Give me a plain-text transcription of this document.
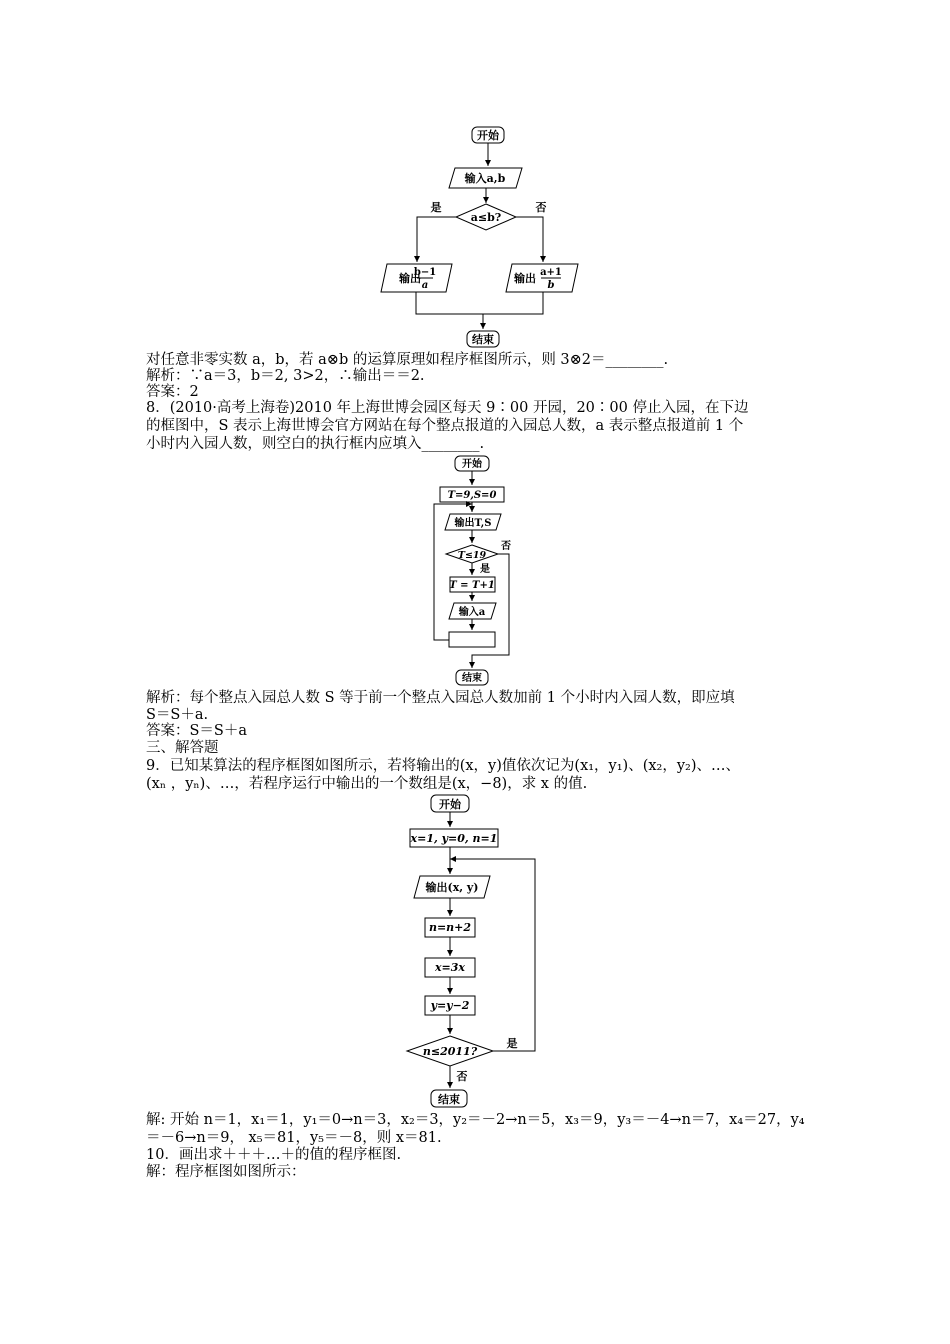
开始
输入a,b
a≤b?
是	否
输出
b−1
a
输出 a+1
b
结束
开始
T=9,S=0
输出T,S
T≤19
否
是
T = T+1
输入a
结束
开始
x=1, y=0, n=1
输出(x, y)
n=n+2
x=3x
y=y−2
n≤2011?
是
否
结束
对任意非零实数 a，b，若 a⊗b 的运算原理如程序框图所示，则 3⊗2＝________.
解析：∵a＝3，b＝2, 3>2，∴输出＝＝2.
答案：2
8．(2010·高考上海卷)2010 年上海世博会园区每天 9∶00 开园，20∶00 停止入园，在下边
的框图中，S 表示上海世博会官方网站在每个整点报道的入园总人数，a 表示整点报道前 1 个
小时内入园人数，则空白的执行框内应填入________.
解析：每个整点入园总人数 S 等于前一个整点入园总人数加前 1 个小时内入园人数，即应填
S＝S＋a.
答案：S＝S＋a
三、解答题
9．已知某算法的程序框图如图所示，若将输出的(x，y)值依次记为(x₁，y₁)、(x₂，y₂)、…、
(xₙ ，yₙ)、…，若程序运行中输出的一个数组是(x，−8)，求 x 的值.
解: 开始 n＝1，x₁＝1，y₁＝0→n＝3，x₂＝3，y₂＝－2→n＝5，x₃＝9，y₃＝－4→n＝7，x₄＝27，y₄
＝－6→n＝9， x₅＝81，y₅＝－8，则 x＝81.
10．画出求＋＋＋…＋的值的程序框图.
解：程序框图如图所示：
